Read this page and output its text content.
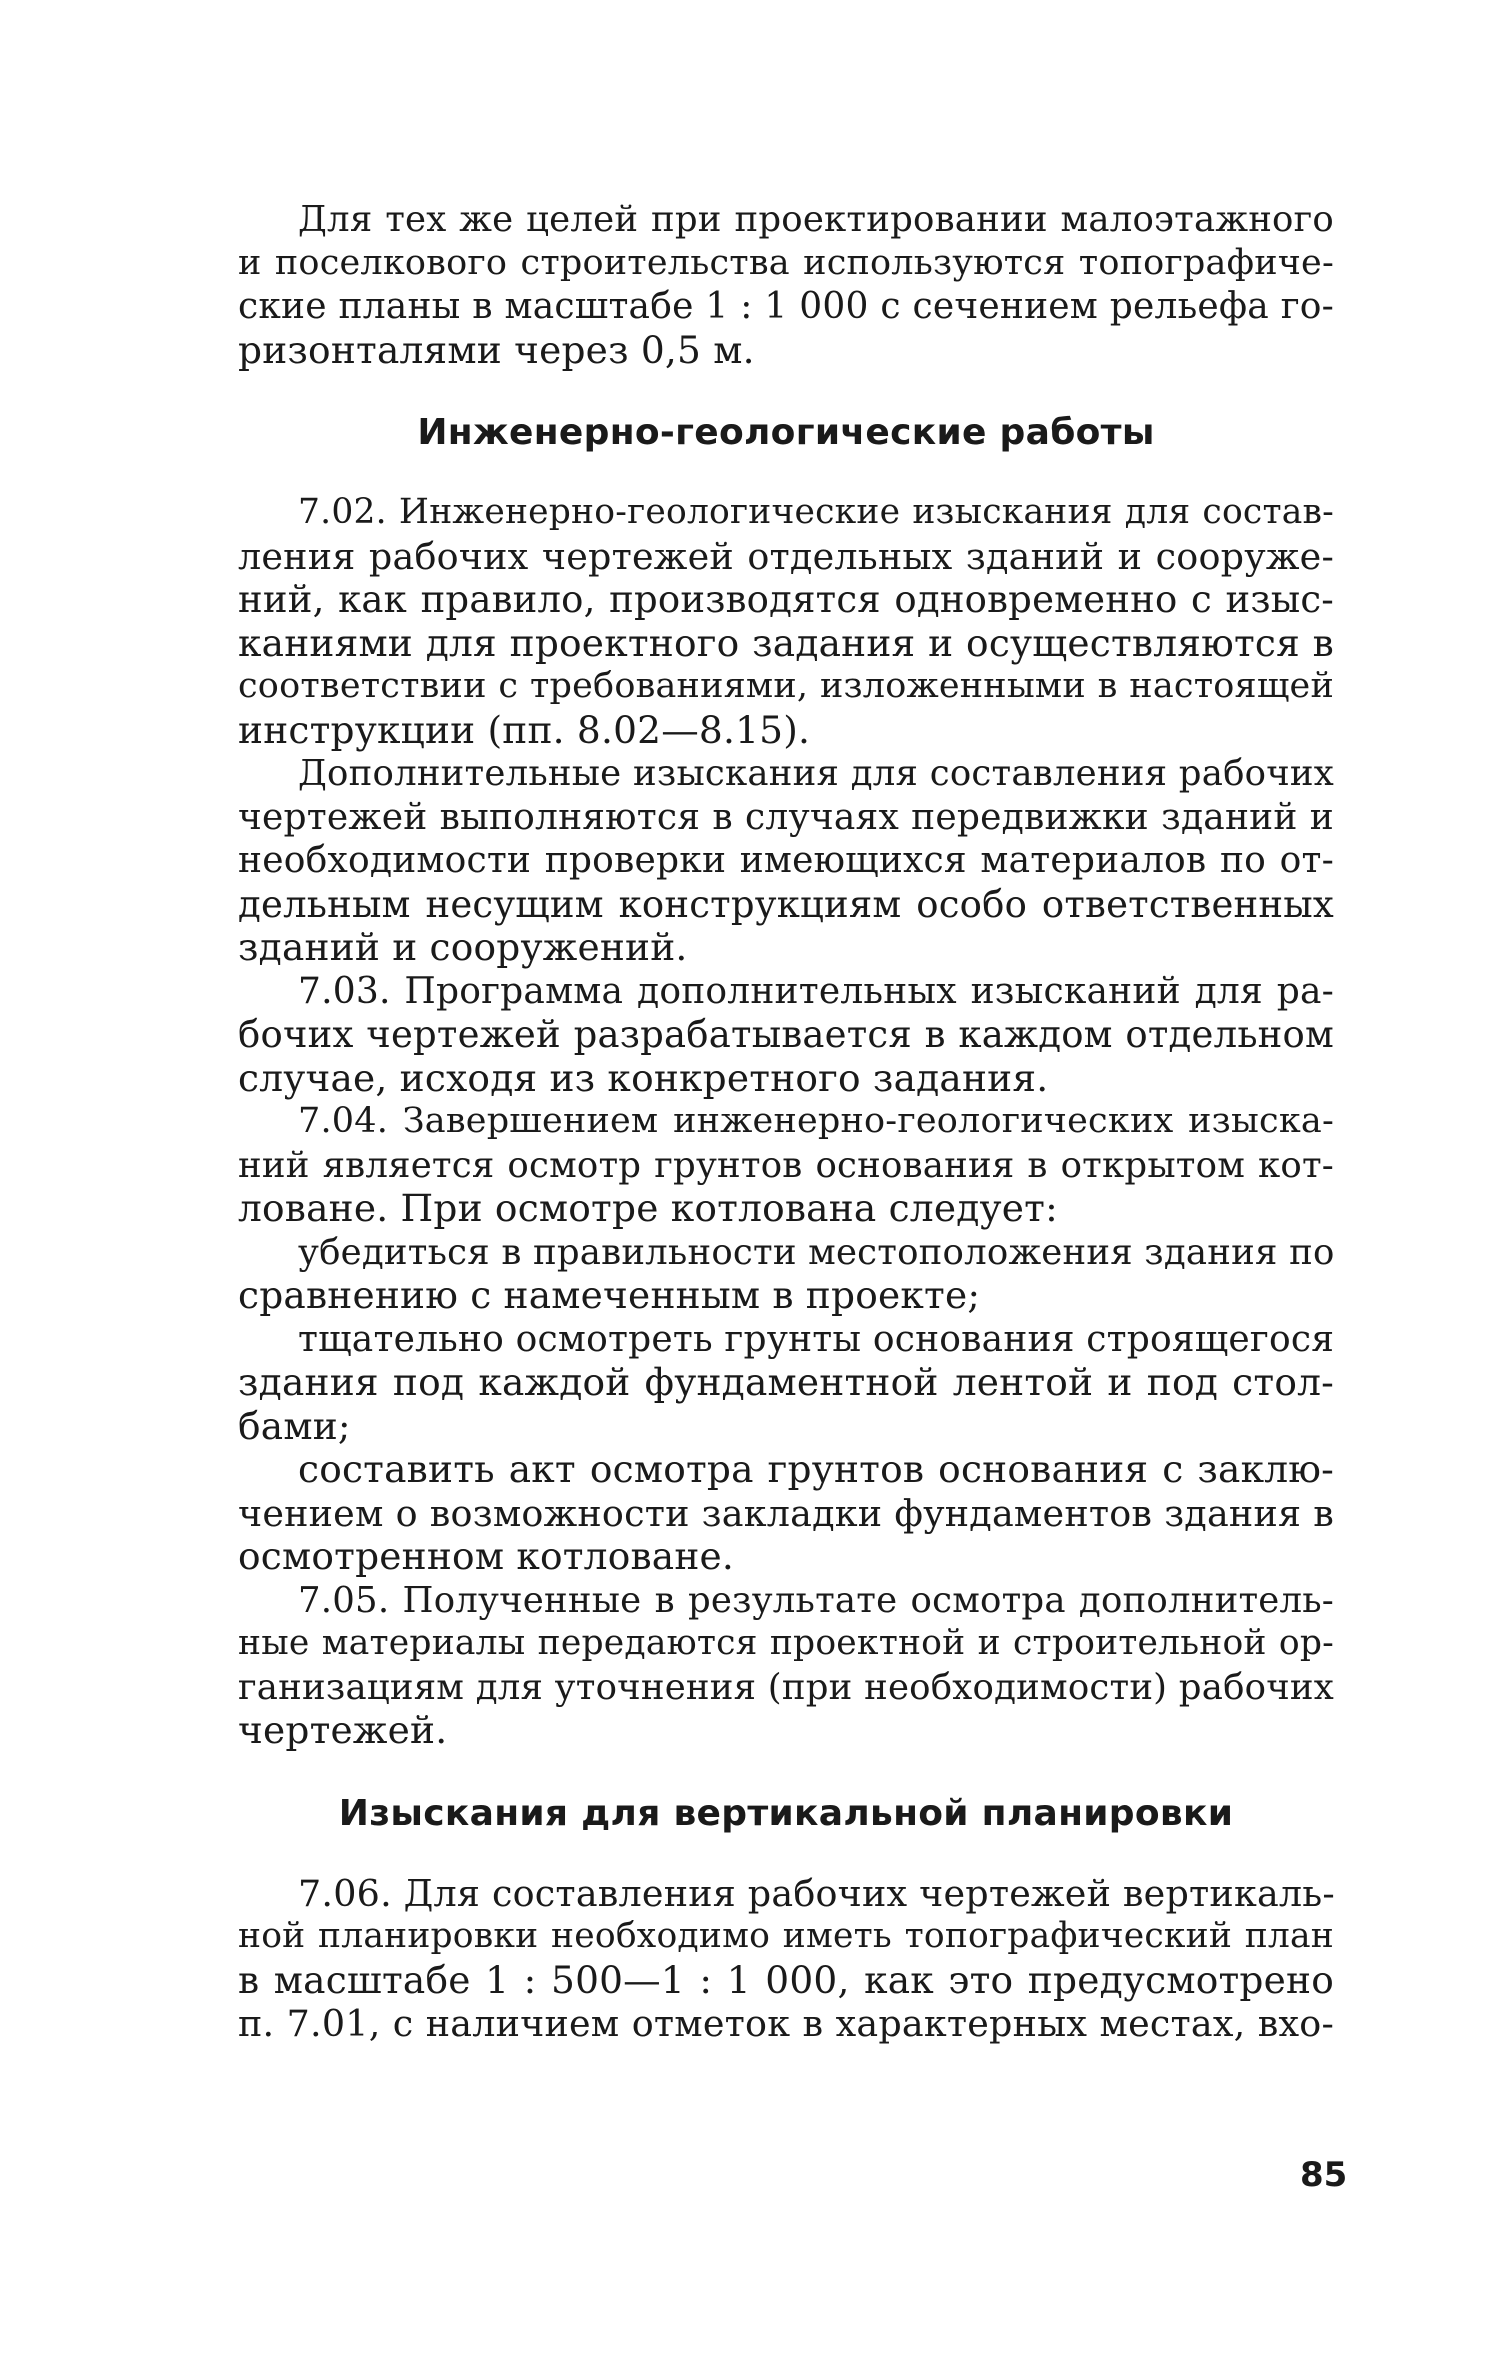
Для тех же целей при проектировании малоэтажного
и поселкового строительства используются топографиче-
ские планы в масштабе 1 : 1 000 с сечением рельефа го-
ризонталями через 0,5 м.

Инженерно-геологические работы

7.02. Инженерно-геологические изыскания для состав-
ления рабочих чертежей отдельных зданий и сооруже-
ний, как правило, производятся одновременно с изыс-
каниями для проектного задания и осуществляются в
соответствии с требованиями, изложенными в настоящей
инструкции (пп. 8.02—8.15).

Дополнительные изыскания для составления рабочих
чертежей выполняются в случаях передвижки зданий и
необходимости проверки имеющихся материалов по от-
дельным несущим конструкциям особо ответственных
зданий и сооружений.

7.03. Программа дополнительных изысканий для ра-
бочих чертежей разрабатывается в каждом отдельном
случае, исходя из конкретного задания.

7.04. Завершением инженерно-геологических изыска-
ний является осмотр грунтов основания в открытом кот-
ловане. При осмотре котлована следует:

убедиться в правильности местоположения здания по
сравнению с намеченным в проекте;

тщательно осмотреть грунты основания строящегося
здания под каждой фундаментной лентой и под стол-
бами;

составить акт осмотра грунтов основания с заклю-
чением о возможности закладки фундаментов здания в
осмотренном котловане.

7.05. Полученные в результате осмотра дополнитель-
ные материалы передаются проектной и строительной ор-
ганизациям для уточнения (при необходимости) рабочих
чертежей.

Изыскания для вертикальной планировки

7.06. Для составления рабочих чертежей вертикаль-
ной планировки необходимо иметь топографический план
в масштабе 1 : 500—1 : 1 000, как это предусмотрено
п. 7.01, с наличием отметок в характерных местах, вхо-

85
